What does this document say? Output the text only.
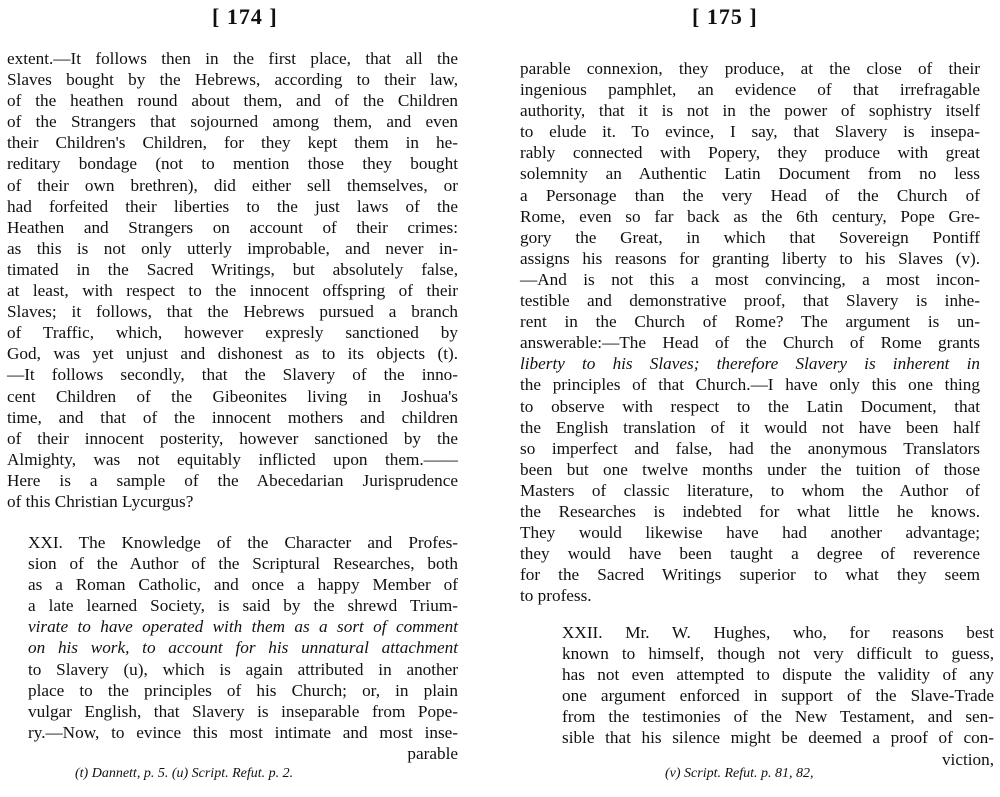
[ 174 ]
extent.—It follows then in the first place, that all the
Slaves bought by the Hebrews, according to their law,
of the heathen round about them, and of the Children
of the Strangers that sojourned among them, and even
their Children's Children, for they kept them in he-
reditary bondage (not to mention those they bought
of their own brethren), did either sell themselves, or
had forfeited their liberties to the just laws of the
Heathen and Strangers on account of their crimes:
as this is not only utterly improbable, and never in-
timated in the Sacred Writings, but absolutely false,
at least, with respect to the innocent offspring of their
Slaves; it follows, that the Hebrews pursued a branch
of Traffic, which, however expresly sanctioned by
God, was yet unjust and dishonest as to its objects (t).
—It follows secondly, that the Slavery of the inno-
cent Children of the Gibeonites living in Joshua's
time, and that of the innocent mothers and children
of their innocent posterity, however sanctioned by the
Almighty, was not equitably inflicted upon them.——
Here is a sample of the Abecedarian Jurisprudence
of this Christian Lycurgus?
XXI. The Knowledge of the Character and Profes-
sion of the Author of the Scriptural Researches, both
as a Roman Catholic, and once a happy Member of
a late learned Society, is said by the shrewd Trium-
virate to have operated with them as a sort of comment
on his work, to account for his unnatural attachment
to Slavery (u), which is again attributed in another
place to the principles of his Church; or, in plain
vulgar English, that Slavery is inseparable from Pope-
ry.—Now, to evince this most intimate and most inse-
parable
(t) Dannett, p. 5. (u) Script. Refut. p. 2.
[ 175 ]
parable connexion, they produce, at the close of their
ingenious pamphlet, an evidence of that irrefragable
authority, that it is not in the power of sophistry itself
to elude it. To evince, I say, that Slavery is insepa-
rably connected with Popery, they produce with great
solemnity an Authentic Latin Document from no less
a Personage than the very Head of the Church of
Rome, even so far back as the 6th century, Pope Gre-
gory the Great, in which that Sovereign Pontiff
assigns his reasons for granting liberty to his Slaves (v).
—And is not this a most convincing, a most incon-
testible and demonstrative proof, that Slavery is inhe-
rent in the Church of Rome? The argument is un-
answerable:—The Head of the Church of Rome grants
liberty to his Slaves; therefore Slavery is inherent in
the principles of that Church.—I have only this one thing
to observe with respect to the Latin Document, that
the English translation of it would not have been half
so imperfect and false, had the anonymous Translators
been but one twelve months under the tuition of those
Masters of classic literature, to whom the Author of
the Researches is indebted for what little he knows.
They would likewise have had another advantage;
they would have been taught a degree of reverence
for the Sacred Writings superior to what they seem
to profess.
XXII. Mr. W. Hughes, who, for reasons best
known to himself, though not very difficult to guess,
has not even attempted to dispute the validity of any
one argument enforced in support of the Slave-Trade
from the testimonies of the New Testament, and sen-
sible that his silence might be deemed a proof of con-
viction,
(v) Script. Refut. p. 81, 82,
